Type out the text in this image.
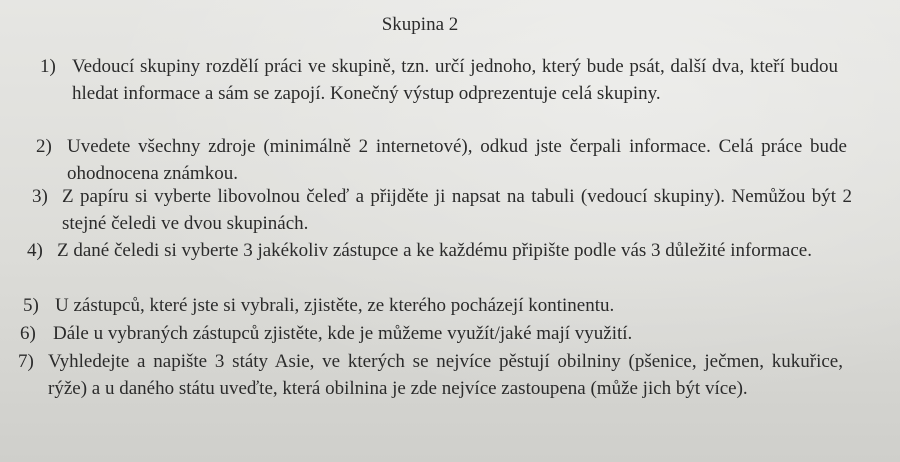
Skupina 2
1) Vedoucí skupiny rozdělí práci ve skupině, tzn. určí jednoho, který bude psát, další dva, kteří budou hledat informace a sám se zapojí. Konečný výstup odprezentuje celá skupiny.
2) Uvedete všechny zdroje (minimálně 2 internetové), odkud jste čerpali informace. Celá práce bude ohodnocena známkou.
3) Z papíru si vyberte libovolnou čeleď a přijděte ji napsat na tabuli (vedoucí skupiny). Nemůžou být 2 stejné čeledi ve dvou skupinách.
4) Z dané čeledi si vyberte 3 jakékoliv zástupce a ke každému připište podle vás 3 důležité informace.
5) U zástupců, které jste si vybrali, zjistěte, ze kterého pocházejí kontinentu.
6) Dále u vybraných zástupců zjistěte, kde je můžeme využít/jaké mají využití.
7) Vyhledejte a napište 3 státy Asie, ve kterých se nejvíce pěstují obilniny (pšenice, ječmen, kukuřice, rýže) a u daného státu uveďte, která obilnina je zde nejvíce zastoupena (může jich být více).
